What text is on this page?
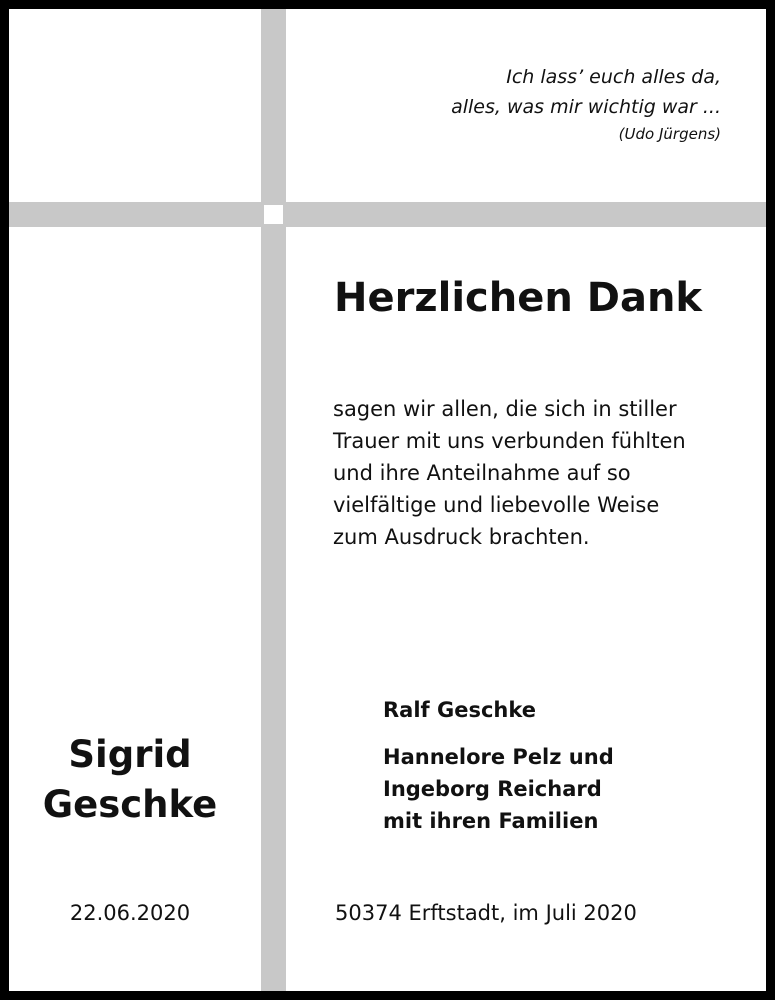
Ich lass’ euch alles da,
alles, was mir wichtig war ...
(Udo Jürgens)
Herzlichen Dank
sagen wir allen, die sich in stiller
Trauer mit uns verbunden fühlten
und ihre Anteilnahme auf so
vielfältige und liebevolle Weise
zum Ausdruck brachten.
Ralf Geschke
Hannelore Pelz und
Ingeborg Reichard
mit ihren Familien
Sigrid
Geschke
22.06.2020	50374 Erftstadt, im Juli 2020
